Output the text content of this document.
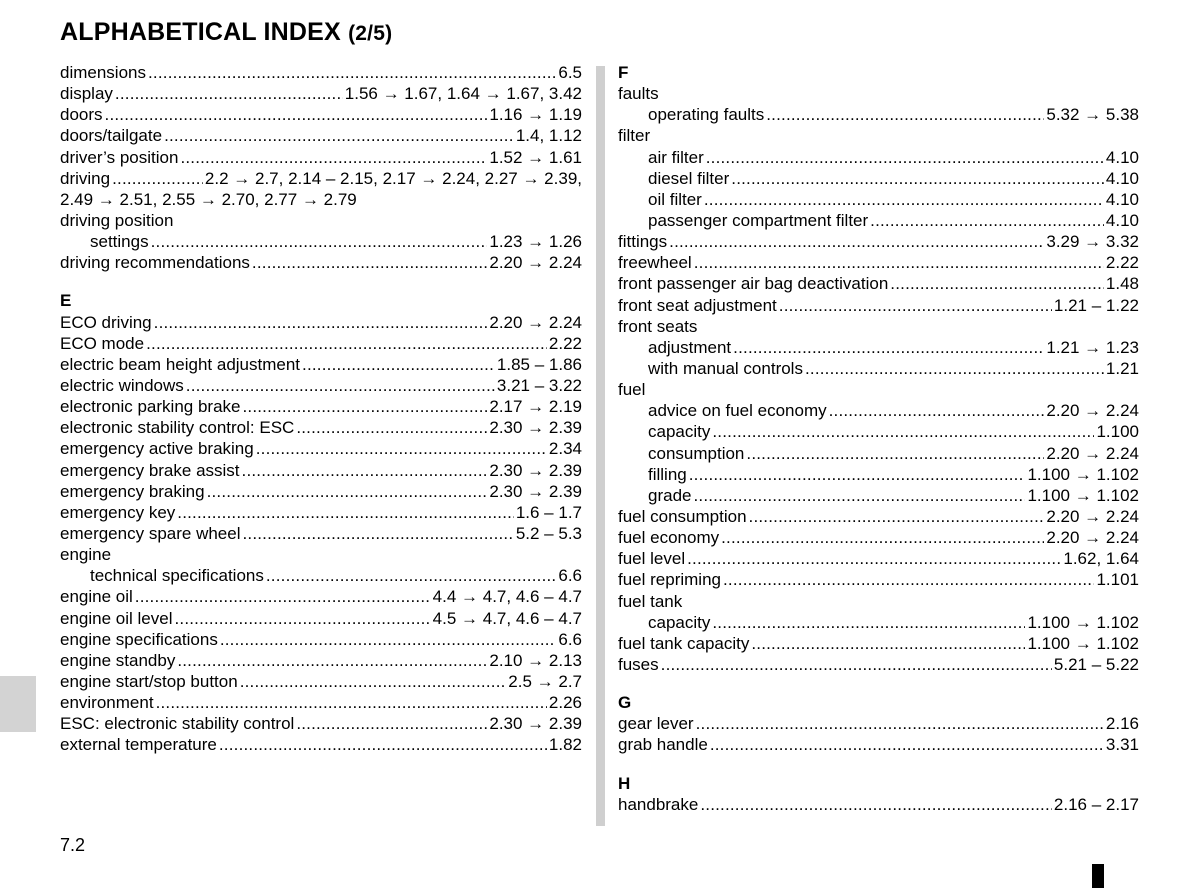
ALPHABETICAL INDEX (2/5)
dimensions .....	6.5
display .....	1.56 → 1.67, 1.64 → 1.67, 3.42
doors .....	1.16 → 1.19
doors/tailgate .....	1.4, 1.12
driver’s position .....	1.52 → 1.61
driving .....	2.2 → 2.7, 2.14 – 2.15, 2.17 → 2.24, 2.27 → 2.39,
2.49 → 2.51, 2.55 → 2.70, 2.77 → 2.79
driving position
settings .....	1.23 → 1.26
driving recommendations .....	2.20 → 2.24
E
ECO driving .....	2.20 → 2.24
ECO mode .....	2.22
electric beam height adjustment .....	1.85 – 1.86
electric windows .....	3.21 – 3.22
electronic parking brake .....	2.17 → 2.19
electronic stability control: ESC .....	2.30 → 2.39
emergency active braking .....	2.34
emergency brake assist .....	2.30 → 2.39
emergency braking .....	2.30 → 2.39
emergency key .....	1.6 – 1.7
emergency spare wheel .....	5.2 – 5.3
engine
technical specifications .....	6.6
engine oil .....	4.4 → 4.7, 4.6 – 4.7
engine oil level .....	4.5 → 4.7, 4.6 – 4.7
engine specifications .....	6.6
engine standby .....	2.10 → 2.13
engine start/stop button .....	2.5 → 2.7
environment .....	2.26
ESC: electronic stability control .....	2.30 → 2.39
external temperature .....	1.82
F
faults
operating faults .....	5.32 → 5.38
filter
air filter .....	4.10
diesel filter .....	4.10
oil filter .....	4.10
passenger compartment filter .....	4.10
fittings .....	3.29 → 3.32
freewheel .....	2.22
front passenger air bag deactivation .....	1.48
front seat adjustment .....	1.21 – 1.22
front seats
adjustment .....	1.21 → 1.23
with manual controls .....	1.21
fuel
advice on fuel economy .....	2.20 → 2.24
capacity .....	1.100
consumption .....	2.20 → 2.24
filling .....	1.100 → 1.102
grade .....	1.100 → 1.102
fuel consumption .....	2.20 → 2.24
fuel economy .....	2.20 → 2.24
fuel level .....	1.62, 1.64
fuel repriming .....	1.101
fuel tank
capacity .....	1.100 → 1.102
fuel tank capacity .....	1.100 → 1.102
fuses .....	5.21 – 5.22
G
gear lever .....	2.16
grab handle .....	3.31
H
handbrake .....	2.16 – 2.17
7.2
